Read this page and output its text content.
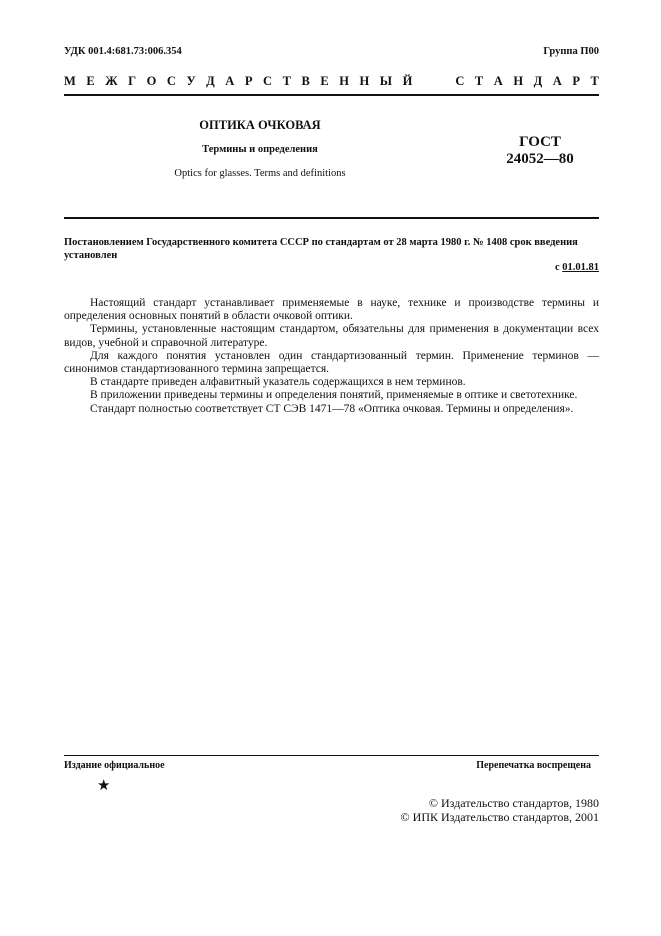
УДК 001.4:681.73:006.354	Группа П00
М Е Ж Г О С У Д А Р С Т В Е Н Н Ы Й	С Т А Н Д А Р Т
ОПТИКА ОЧКОВАЯ
Термины и определения
Optics for glasses. Terms and definitions
ГОСТ
24052—80
Постановлением Государственного комитета СССР по стандартам от 28 марта 1980 г. № 1408 срок введения установлен
с 01.01.81

Настоящий стандарт устанавливает применяемые в науке, технике и производстве термины и определения основных понятий в области очковой оптики.

Термины, установленные настоящим стандартом, обязательны для применения в документации всех видов, учебной и справочной литературе.

Для каждого понятия установлен один стандартизованный термин. Применение терминов — синонимов стандартизованного термина запрещается.

В стандарте приведен алфавитный указатель содержащихся в нем терминов.

В приложении приведены термины и определения понятий, применяемые в оптике и светотехнике.

Стандарт полностью соответствует СТ СЭВ 1471—78 «Оптика очковая. Термины и определения».

Издание официальное	Перепечатка воспрещена
★
© Издательство стандартов, 1980
© ИПК Издательство стандартов, 2001
